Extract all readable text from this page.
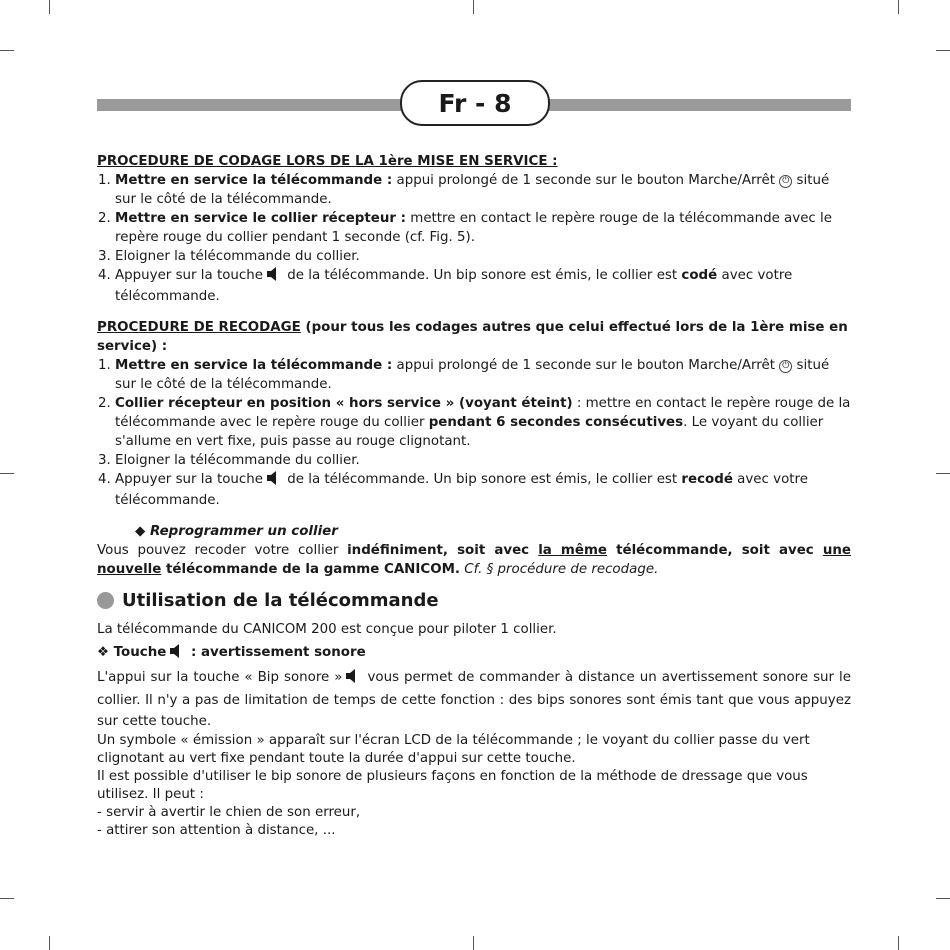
Fr - 8
PROCEDURE DE CODAGE LORS DE LA 1ère MISE EN SERVICE :
1. Mettre en service la télécommande : appui prolongé de 1 seconde sur le bouton Marche/Arrêt ⏻ situé sur le côté de la télécommande.
2. Mettre en service le collier récepteur : mettre en contact le repère rouge de la télécommande avec le repère rouge du collier pendant 1 seconde (cf. Fig. 5).
3. Eloigner la télécommande du collier.
4. Appuyer sur la touche de la télécommande. Un bip sonore est émis, le collier est codé avec votre télécommande.
PROCEDURE DE RECODAGE (pour tous les codages autres que celui effectué lors de la 1ère mise en service) :
1. Mettre en service la télécommande : appui prolongé de 1 seconde sur le bouton Marche/Arrêt ⏻ situé sur le côté de la télécommande.
2. Collier récepteur en position « hors service » (voyant éteint) : mettre en contact le repère rouge de la télécommande avec le repère rouge du collier pendant 6 secondes consécutives. Le voyant du collier s'allume en vert fixe, puis passe au rouge clignotant.
3. Eloigner la télécommande du collier.
4. Appuyer sur la touche de la télécommande. Un bip sonore est émis, le collier est recodé avec votre télécommande.
◆ Reprogrammer un collier

Vous pouvez recoder votre collier indéfiniment, soit avec la même télécommande, soit avec une nouvelle télécommande de la gamme CANICOM. Cf. § procédure de recodage.

Utilisation de la télécommande

La télécommande du CANICOM 200 est conçue pour piloter 1 collier.

❖ Touche : avertissement sonore

L'appui sur la touche « Bip sonore » vous permet de commander à distance un avertissement sonore sur le collier. Il n'y a pas de limitation de temps de cette fonction : des bips sonores sont émis tant que vous appuyez sur cette touche.

Un symbole « émission » apparaît sur l'écran LCD de la télécommande ; le voyant du collier passe du vert clignotant au vert fixe pendant toute la durée d'appui sur cette touche.

Il est possible d'utiliser le bip sonore de plusieurs façons en fonction de la méthode de dressage que vous utilisez. Il peut :

- servir à avertir le chien de son erreur,

- attirer son attention à distance, ...
